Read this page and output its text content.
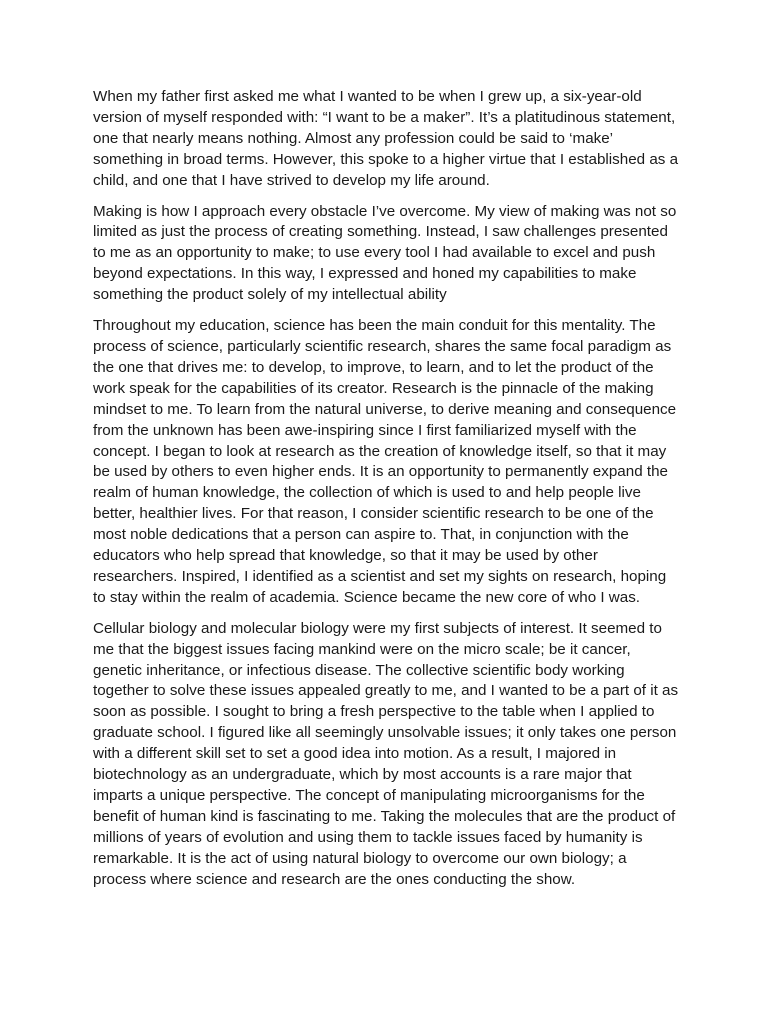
When my father first asked me what I wanted to be when I grew up, a six-year-old version of myself responded with: “I want to be a maker”. It’s a platitudinous statement, one that nearly means nothing. Almost any profession could be said to ‘make’ something in broad terms. However, this spoke to a higher virtue that I established as a child, and one that I have strived to develop my life around.

Making is how I approach every obstacle I’ve overcome. My view of making was not so limited as just the process of creating something. Instead, I saw challenges presented to me as an opportunity to make; to use every tool I had available to excel and push beyond expectations. In this way, I expressed and honed my capabilities to make something the product solely of my intellectual ability

Throughout my education, science has been the main conduit for this mentality. The process of science, particularly scientific research, shares the same focal paradigm as the one that drives me: to develop, to improve, to learn, and to let the product of the work speak for the capabilities of its creator. Research is the pinnacle of the making mindset to me. To learn from the natural universe, to derive meaning and consequence from the unknown has been awe-inspiring since I first familiarized myself with the concept. I began to look at research as the creation of knowledge itself, so that it may be used by others to even higher ends. It is an opportunity to permanently expand the realm of human knowledge, the collection of which is used to and help people live better, healthier lives. For that reason, I consider scientific research to be one of the most noble dedications that a person can aspire to. That, in conjunction with the educators who help spread that knowledge, so that it may be used by other researchers. Inspired, I identified as a scientist and set my sights on research, hoping to stay within the realm of academia. Science became the new core of who I was.

Cellular biology and molecular biology were my first subjects of interest. It seemed to me that the biggest issues facing mankind were on the micro scale; be it cancer, genetic inheritance, or infectious disease. The collective scientific body working together to solve these issues appealed greatly to me, and I wanted to be a part of it as soon as possible. I sought to bring a fresh perspective to the table when I applied to graduate school. I figured like all seemingly unsolvable issues; it only takes one person with a different skill set to set a good idea into motion. As a result, I majored in biotechnology as an undergraduate, which by most accounts is a rare major that imparts a unique perspective. The concept of manipulating microorganisms for the benefit of human kind is fascinating to me. Taking the molecules that are the product of millions of years of evolution and using them to tackle issues faced by humanity is remarkable. It is the act of using natural biology to overcome our own biology; a process where science and research are the ones conducting the show.
